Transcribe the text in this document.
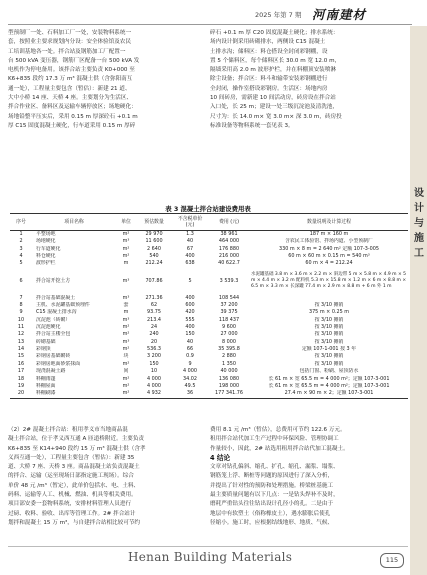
2025 年第 7 期 河南建材
设
计
与
施
工
型预制厂一处、石料加工厂一处，安装物料系统一
套，按照业主要求规划内分设：安全体验馆及农民
工培训基地各一处。拌合站及钢筋加工厂配置一
台 500 kVA 变压器，钢筋厂区配备一台 500 kVA 发
电机作为停电备用。该拌合站主要负责 K0+000 至
K6+835 段约 17.3 万 m³ 混凝土供（含弥阳南互
通一处），工程量主要包含（暂估）：新建 21 道、
大中小桥 14 座、天桥 4 座。主要划分为生活区、
拌合作业区、备料区及运输车辆停放区；场地硬化：
场地铅整平压实后，采用 0.15 m 厚深砼石 +0.1 m
厚 C15 固度混凝土硬化，行车道采用 0.15 m 厚碎
碎石 +0.1 m 厚 C20 固度混凝土硬化；排水系统：
场内设计倒采用砖砌排水，两侧设 C15 混凝土
土排水沟；储料区：料仓搭设全封闭彩钢棚，设
置 5 个储料区，每个储料区长 30.0 m 宽 12.0 m，
隔墙采用高 2.0 m 波形护栏，并在料棚顶安装喷淋
除尘设备；拌合区：料斗和输带安装彩钢棚进行
全封闭，操作室搭设彩钢房。生活区：场地内房
10 间砖房，需新建 10 间活动房，砖房设在拌合站
入口处，长 25 m；建设一处三级沉淀池及清洗池，
尺寸为：长 14.0 m× 宽 3.0 m× 深 3.0 m，砖房投
标准设备等物料系统一套见表 3。
表 3 混凝土拌合站建设费用表
序号	项目名称	单位	预估数量	不含税单价 (元)	费用 (元)	数量说明及计算过程
1	平整场地	m²	29 970	1.3	38 961	187 m × 160 m
2	场地硬化	m³	11 600	40	464 000	含农民工体验馆、拌场内道、小型预制厂
3	行车道硬化	m²	2 640	67	176 880	330 m × 8 m = 2 640 m² 定额 107-3-005
4	料仓硬化	m²	540	400	216 000	60 m × 60 m × 0.15 m = 540 m³
5	波形护栏	m	212.24	638	40 622.7	60 m × 4 = 212.24
6	拌合站开挖土方	m³	707.86	5	3 539.3	水泥罐基础 3.8 m × 3.6 m × 2.2 m × 斜边带 5 m × 5.8 m × 4.9 m × 5 m × 4.4 m × 3.2 m 配料机 5.3 m × 15.8 m × 1.2 m × 6 m × 8.8 m × 6.5 m × 3.3 m × 长深罐 77.4 m × 2.9 m × 8.8 m + 6 m 外 1 m
7	拌合站基础混凝土	m³	271.36	400	108 544	
8	主机、水泥罐基础预埋件	套	62	600	37 200	按 3/10 摊销
9	C15 混凝土排水沟	m	93.75	420	39 375	375 m × 0.25 m
10	沉淀池（砖砌）	m³	213.4	555	118 437	按 3/10 摊销
11	沉淀池硬化	m²	24	400	9 600	按 3/10 摊销
12	拌合站主楼全包	m²	240	150	27 000	按 3/10 摊销
13	砖砌基础	m³	20	40	8 000	按 3/10 摊销
14	彩钢顶	m²	536.3	66	35 395.8	定额 107-1-001 按 3 年
15	彩钢房基础砌砖	块	3 200	0.9	2 880	按 3/10 摊销
16	彩钢房地面砂浆抹面	m²	150	9	1 350	按 3/10 摊销
17	现浇混凝土路	间	10	4 000	40 000	包括门窗、粉刷、屋顶防水
18	料棚雨篷	m²	4 000	34.02	136 080	长 61 m × 宽 65.5 m = 4 000 m²；定额 107-3-001
19	料棚屋面	m²	4 000	49.5	198 000	长 61 m × 宽 65.5 m = 4 000 m²；定额 107-3-001
20	料棚刷漆	m²	4 932	36	177 341.76	27.4 m × 90 m × 2；定额 107-3-001
（2）2# 混凝土拌合站：租用孝义市当地商品混
凝土拌合站，位于孝义西互通 A 匝道桥附近。主要负责
K6+835 至 K14+940 段约 15 万 m³ 混凝土供（含孝
义西互通一处），工程量主要包含（暂估）：新建 35
道、大桥 7 座、天桥 3 座。商品混凝土站负责混凝土
的拌合、运输（运至现场日部指定施工现场）。综合
单价 48 元 /m³（暂定），此单价包括水、电、土料、
码料、运输等人工、机械、燃油、机具等相关费用。
项目部安委一套物料系统，安排材料管理人员进行
过磅、收料、验收、出库等管理工作。2# 拌合站计
划拌和混凝土 15 万 m³，与自建拌合站相比较可节约
费用 8.1 元 /m³（暂估），总费用可节约 122.6 万元。
租用拌合站代加工生产过程中环保风险、管理协调工
作量较小，因此，2# 站选用租用拌合站代加工混凝土。
4 结论
文章对钻孔偏斜、缩孔、扩孔、缩孔、漏浆、塌浆、
钢筋笼上浮、断桩等问题的原因进行了深入分析，
并提出了针对性的预防和处理措施。桥梁桩基施工
最主要质量问题有以下几点：一是钻头焊补不及时，
磨耗严重钻头往往钻出设计孔径小的孔。二是由于
地层中有软塑土（俗称橡皮土），遇水膨胀后使孔
径缩小。施工时，应根据结线地形、地质、气候、
Henan Building Materials	115
